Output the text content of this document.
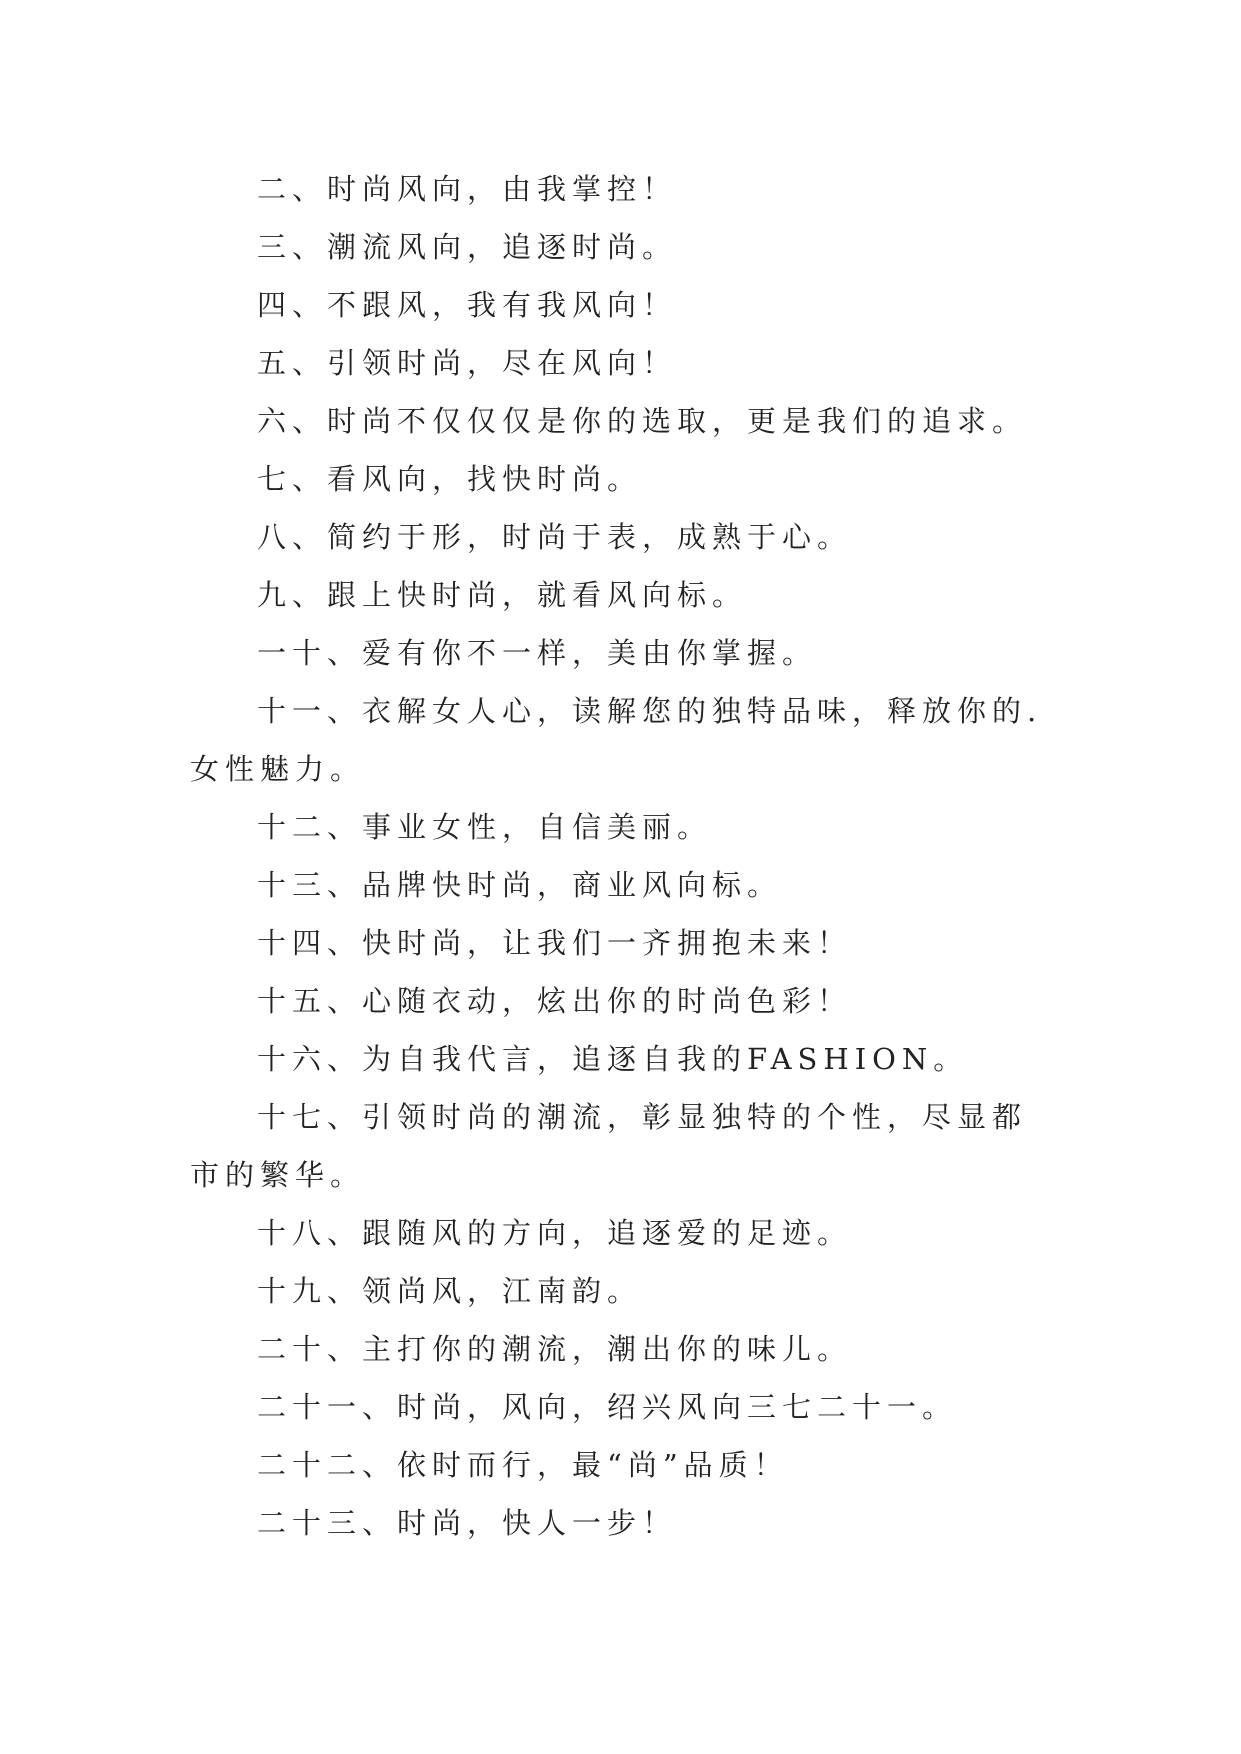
二、时尚风向，由我掌控！

三、潮流风向，追逐时尚。

四、不跟风，我有我风向！

五、引领时尚，尽在风向！

六、时尚不仅仅仅是你的选取，更是我们的追求。

七、看风向，找快时尚。

八、简约于形，时尚于表，成熟于心。

九、跟上快时尚，就看风向标。

一十、爱有你不一样，美由你掌握。

十一、衣解女人心，读解您的独特品味，释放你的.女性魅力。

十二、事业女性，自信美丽。

十三、品牌快时尚，商业风向标。

十四、快时尚，让我们一齐拥抱未来！

十五、心随衣动，炫出你的时尚色彩！

十六、为自我代言，追逐自我的FASHION。

十七、引领时尚的潮流，彰显独特的个性，尽显都市的繁华。

十八、跟随风的方向，追逐爱的足迹。

十九、领尚风，江南韵。

二十、主打你的潮流，潮出你的味儿。

二十一、时尚，风向，绍兴风向三七二十一。

二十二、依时而行，最“尚”品质！

二十三、时尚，快人一步！
